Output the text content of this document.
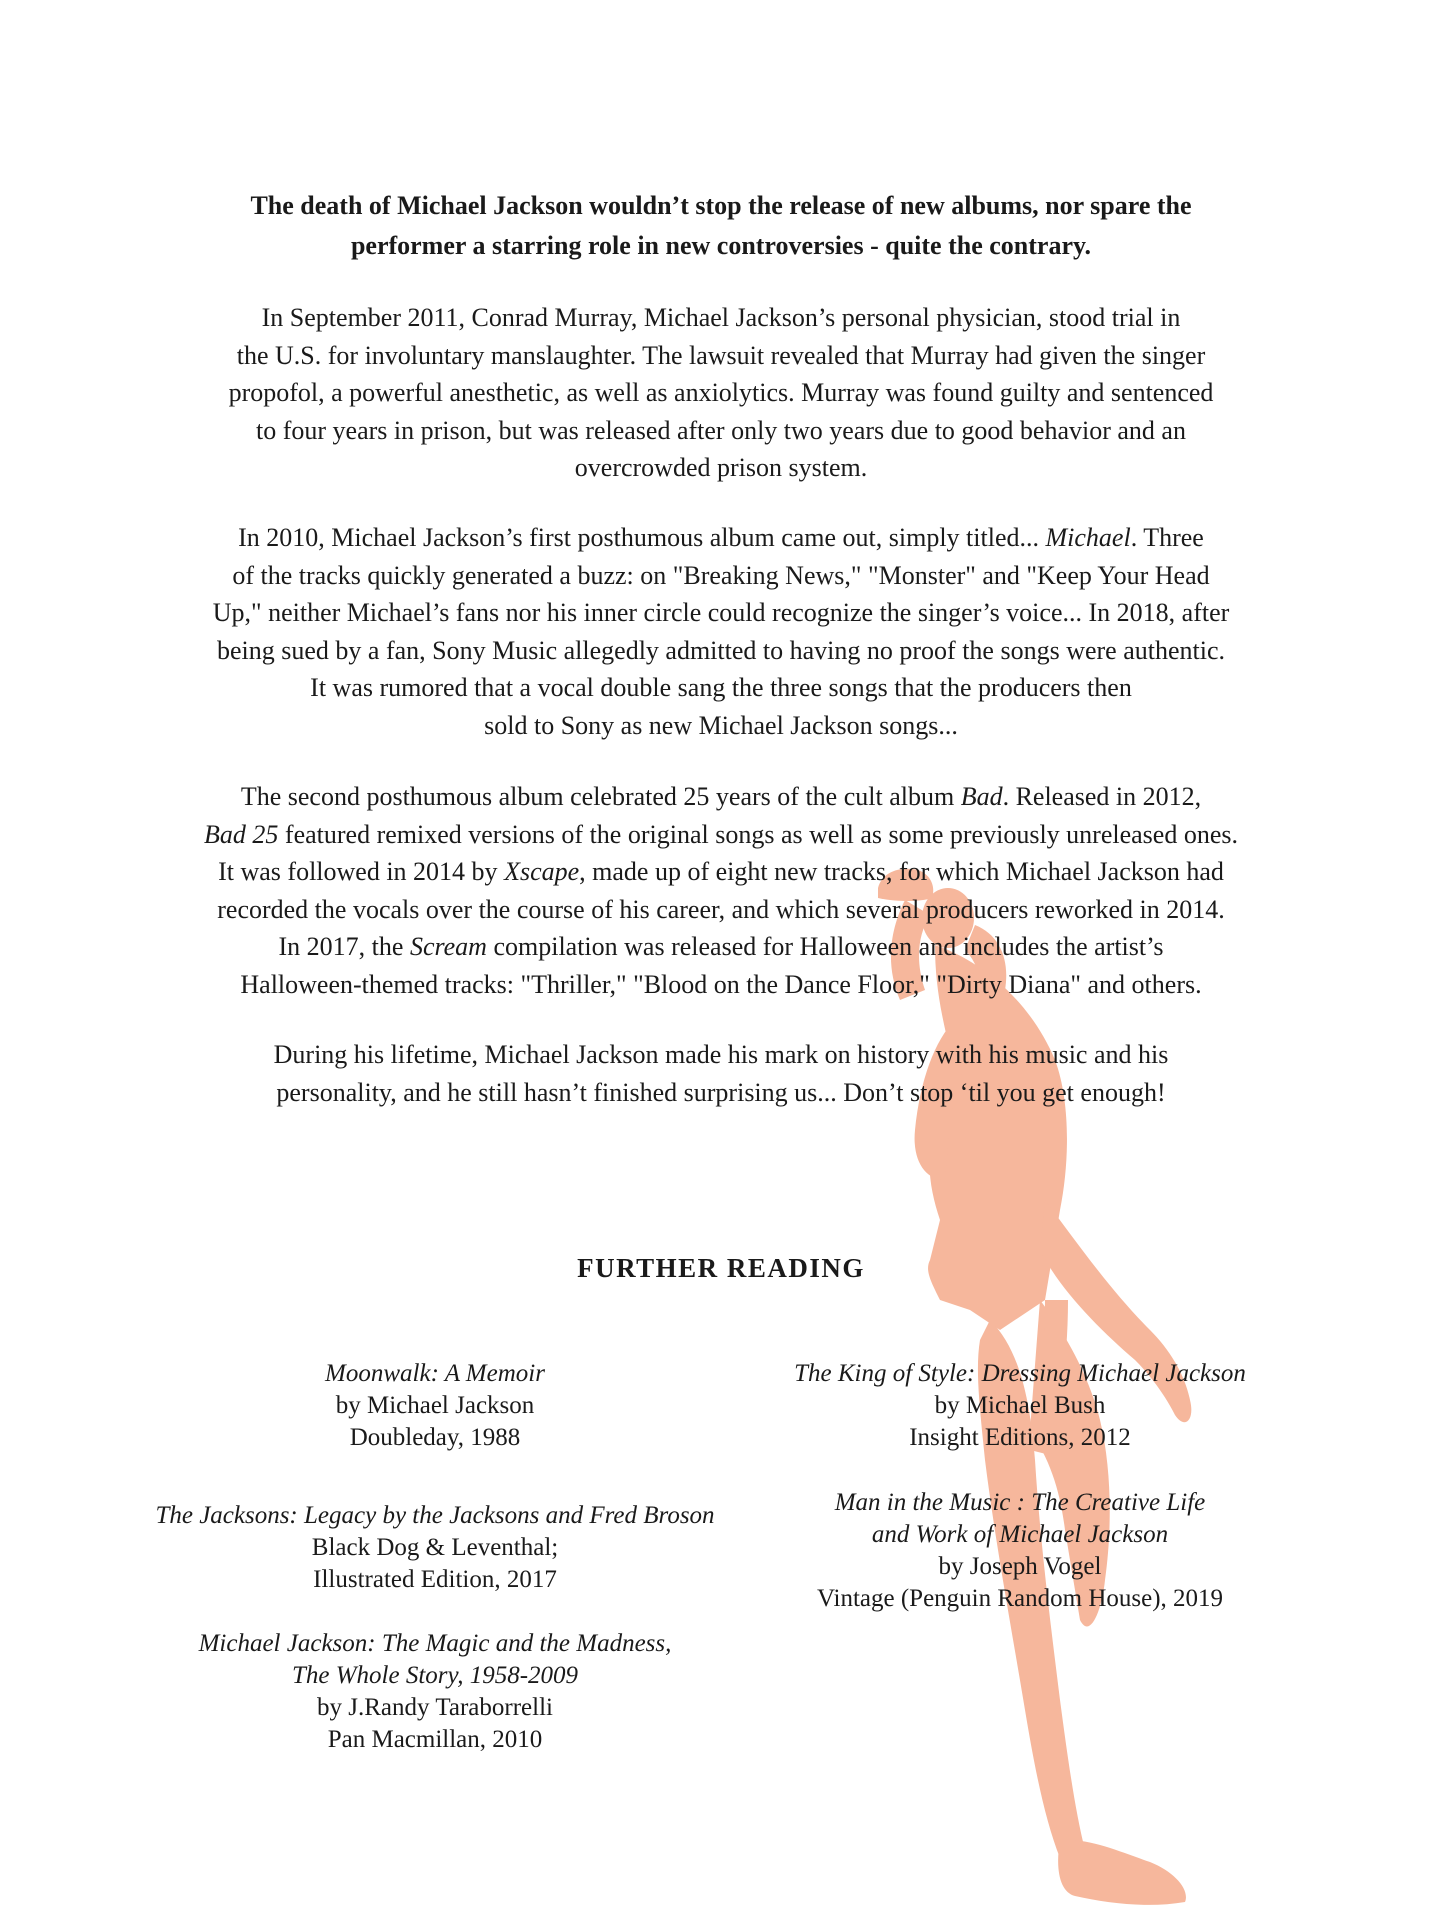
The death of Michael Jackson wouldn’t stop the release of new albums, nor spare the
performer a starring role in new controversies - quite the contrary.

In September 2011, Conrad Murray, Michael Jackson’s personal physician, stood trial in
the U.S. for involuntary manslaughter. The lawsuit revealed that Murray had given the singer
propofol, a powerful anesthetic, as well as anxiolytics. Murray was found guilty and sentenced
to four years in prison, but was released after only two years due to good behavior and an
overcrowded prison system.

In 2010, Michael Jackson’s first posthumous album came out, simply titled... Michael. Three
of the tracks quickly generated a buzz: on "Breaking News," "Monster" and "Keep Your Head
Up," neither Michael’s fans nor his inner circle could recognize the singer’s voice... In 2018, after
being sued by a fan, Sony Music allegedly admitted to having no proof the songs were authentic.
It was rumored that a vocal double sang the three songs that the producers then
sold to Sony as new Michael Jackson songs...

The second posthumous album celebrated 25 years of the cult album Bad. Released in 2012,
Bad 25 featured remixed versions of the original songs as well as some previously unreleased ones.
It was followed in 2014 by Xscape, made up of eight new tracks, for which Michael Jackson had
recorded the vocals over the course of his career, and which several producers reworked in 2014.
In 2017, the Scream compilation was released for Halloween and includes the artist’s
Halloween-themed tracks: "Thriller," "Blood on the Dance Floor," "Dirty Diana" and others.

During his lifetime, Michael Jackson made his mark on history with his music and his
personality, and he still hasn’t finished surprising us... Don’t stop ‘til you get enough!

FURTHER READING
Moonwalk: A Memoir
by Michael Jackson
Doubleday, 1988
The Jacksons: Legacy by the Jacksons and Fred Broson
Black Dog & Leventhal;
Illustrated Edition, 2017
Michael Jackson: The Magic and the Madness,
The Whole Story, 1958-2009
by J.Randy Taraborrelli
Pan Macmillan, 2010
The King of Style: Dressing Michael Jackson
by Michael Bush
Insight Editions, 2012
Man in the Music : The Creative Life
and Work of Michael Jackson
by Joseph Vogel
Vintage (Penguin Random House), 2019
